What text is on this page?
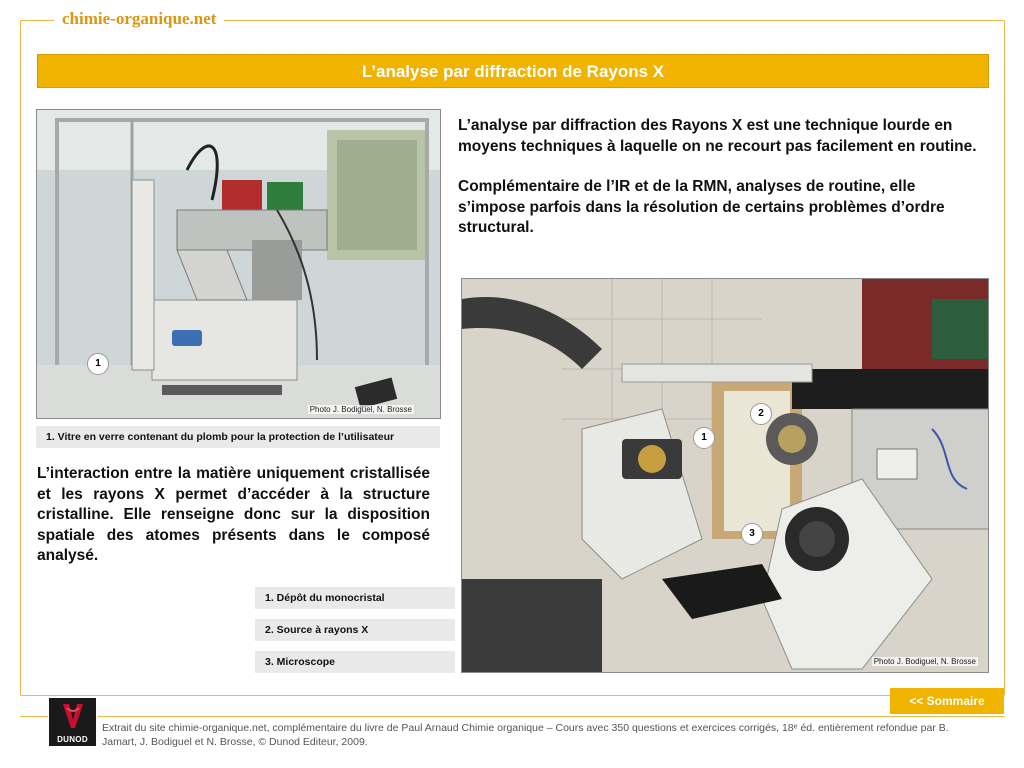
chimie-organique.net
L’analyse par diffraction de Rayons X
1
Photo J. Bodiguel, N. Brosse
1. Vitre en verre contenant du plomb pour la protection de l’utilisateur

L’analyse par diffraction des Rayons X est une technique lourde en moyens techniques à laquelle on ne recourt pas facilement en routine.

Complémentaire de l’IR et de la RMN, analyses de routine, elle s’impose parfois dans la résolution de certains problèmes d’ordre structural.

L’interaction entre la matière uniquement cristallisée et les rayons X permet d’accéder à la structure cristalline. Elle renseigne donc sur la disposition spatiale des atomes présents dans le composé analysé.
2
1
3
Photo J. Bodiguel, N. Brosse
1. Dépôt du monocristal
2. Source à rayons X
3. Microscope
<< Sommaire
DUNOD
Extrait du site chimie-organique.net, complémentaire du livre de Paul Arnaud Chimie organique – Cours avec 350 questions et exercices corrigés, 18ᵉ éd. entièrement refondue par B. Jamart, J. Bodiguel et N. Brosse, © Dunod Editeur, 2009.
